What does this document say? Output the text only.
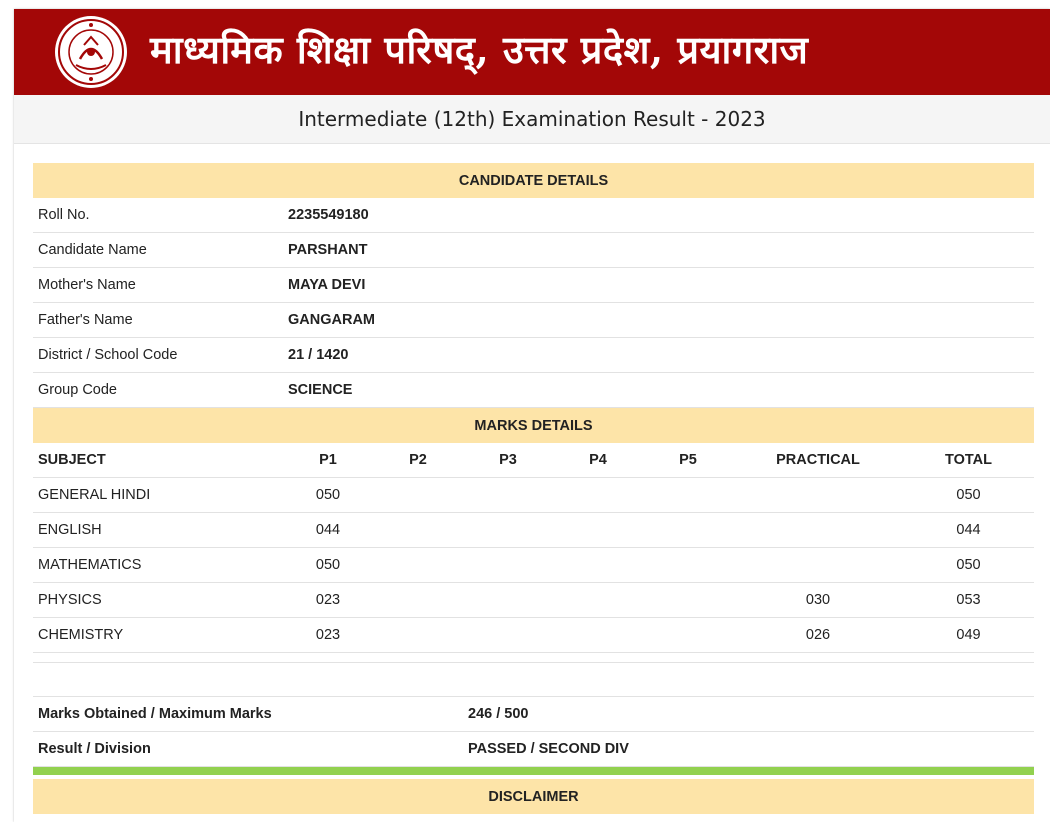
माध्यमिक शिक्षा परिषद्, उत्तर प्रदेश, प्रयागराज
Intermediate (12th) Examination Result - 2023
CANDIDATE DETAILS							
Roll No.	2235549180						
Candidate Name	PARSHANT						
Mother's Name	MAYA DEVI						
Father's Name	GANGARAM						
District / School Code	21 / 1420						
Group Code	SCIENCE						
MARKS DETAILS							
SUBJECT	P1	P2	P3	P4	P5	PRACTICAL	TOTAL
GENERAL HINDI	050						050
ENGLISH	044						044
MATHEMATICS	050						050
PHYSICS	023					030	053
CHEMISTRY	023					026	049

Marks Obtained / Maximum Marks			246 / 500				
Result / Division			PASSED / SECOND DIV				

DISCLAIMER							
